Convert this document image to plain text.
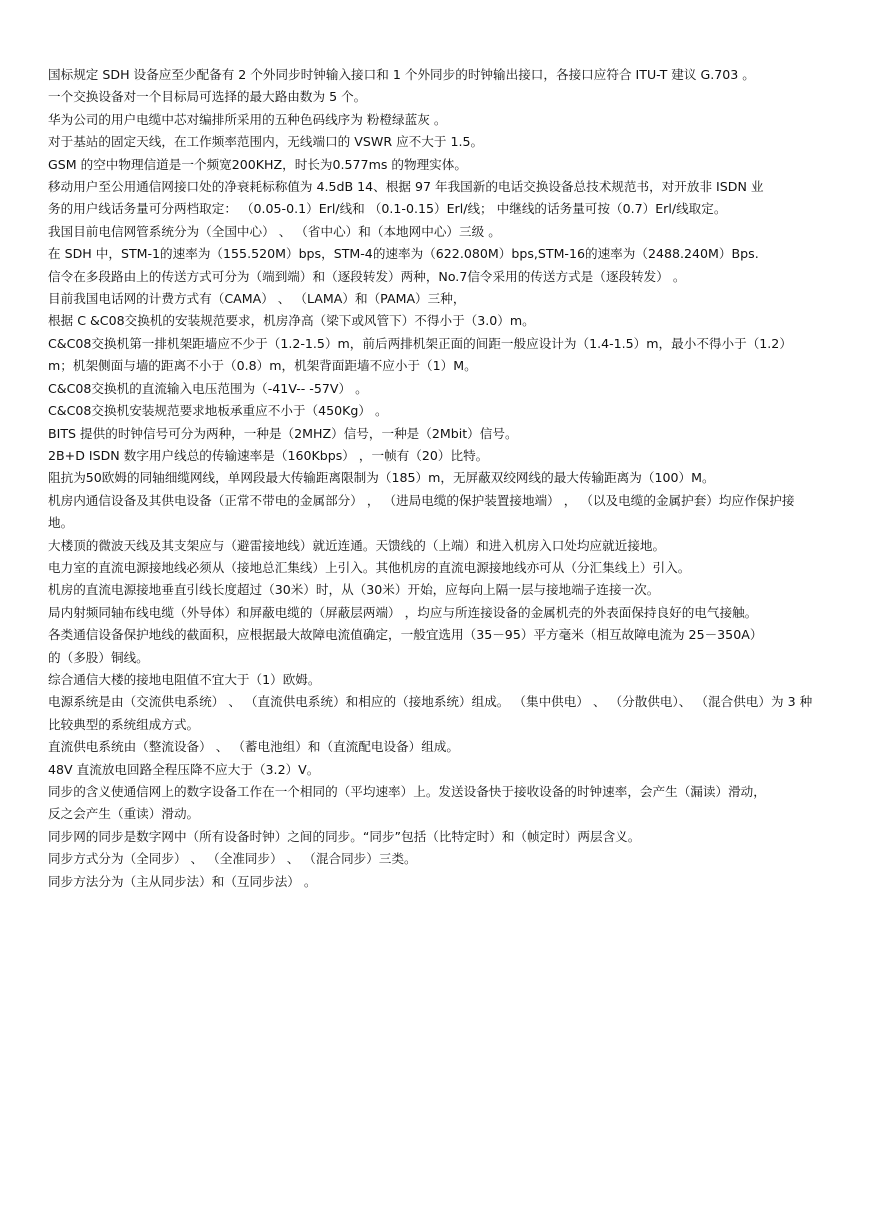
国标规定 SDH 设备应至少配备有 2 个外同步时钟输入接口和 1 个外同步的时钟输出接口，各接口应符合 ITU-T 建议 G.703 。

一个交换设备对一个目标局可选择的最大路由数为 5 个。

华为公司的用户电缆中芯对编排所采用的五种色码线序为 粉橙绿蓝灰 。

对于基站的固定天线，在工作频率范围内，无线端口的 VSWR 应不大于 1.5。

GSM 的空中物理信道是一个频宽200KHZ，时长为0.577ms 的物理实体。

移动用户至公用通信网接口处的净衰耗标称值为 4.5dB 14、根据 97 年我国新的电话交换设备总技术规范书，对开放非 ISDN 业

务的用户线话务量可分两档取定： （0.05-0.1）Erl/线和 （0.1-0.15）Erl/线； 中继线的话务量可按（0.7）Erl/线取定。

我国目前电信网管系统分为（全国中心） 、 （省中心）和（本地网中心）三级 。

在 SDH 中，STM-1的速率为（155.520M）bps，STM-4的速率为（622.080M）bps,STM-16的速率为（2488.240M）Bps.

信令在多段路由上的传送方式可分为（端到端）和（逐段转发）两种，No.7信令采用的传送方式是（逐段转发） 。

目前我国电话网的计费方式有（CAMA） 、 （LAMA）和（PAMA）三种，

根据 C &C08交换机的安装规范要求，机房净高（梁下或风管下）不得小于（3.0）m。

C&C08交换机第一排机架距墙应不少于（1.2-1.5）m，前后两排机架正面的间距一般应设计为（1.4-1.5）m，最小不得小于（1.2）

m；机架侧面与墙的距离不小于（0.8）m，机架背面距墙不应小于（1）M。

C&C08交换机的直流输入电压范围为（-41V-- -57V） 。

C&C08交换机安装规范要求地板承重应不小于（450Kg） 。

BITS 提供的时钟信号可分为两种，一种是（2MHZ）信号，一种是（2Mbit）信号。

2B+D ISDN 数字用户线总的传输速率是（160Kbps） ，一帧有（20）比特。

阻抗为50欧姆的同轴细缆网线，单网段最大传输距离限制为（185）m，无屏蔽双绞网线的最大传输距离为（100）M。

机房内通信设备及其供电设备（正常不带电的金属部分） ， （进局电缆的保护装置接地端） ， （以及电缆的金属护套）均应作保护接

地。

大楼顶的微波天线及其支架应与（避雷接地线）就近连通。天馈线的（上端）和进入机房入口处均应就近接地。

电力室的直流电源接地线必须从（接地总汇集线）上引入。其他机房的直流电源接地线亦可从（分汇集线上）引入。

机房的直流电源接地垂直引线长度超过（30米）时，从（30米）开始，应每向上隔一层与接地端子连接一次。

局内射频同轴布线电缆（外导体）和屏蔽电缆的（屏蔽层两端） ，均应与所连接设备的金属机壳的外表面保持良好的电气接触。

各类通信设备保护地线的截面积，应根据最大故障电流值确定，一般宜选用（35－95）平方毫米（相互故障电流为 25－350A）

的（多股）铜线。

综合通信大楼的接地电阻值不宜大于（1）欧姆。

电源系统是由（交流供电系统） 、 （直流供电系统）和相应的（接地系统）组成。 （集中供电） 、 （分散供电）、 （混合供电）为 3 种

比较典型的系统组成方式。

直流供电系统由（整流设备） 、 （蓄电池组）和（直流配电设备）组成。

48V 直流放电回路全程压降不应大于（3.2）V。

同步的含义使通信网上的数字设备工作在一个相同的（平均速率）上。发送设备快于接收设备的时钟速率，会产生（漏读）滑动，

反之会产生（重读）滑动。

同步网的同步是数字网中（所有设备时钟）之间的同步。“同步”包括（比特定时）和（帧定时）两层含义。

同步方式分为（全同步） 、 （全准同步） 、 （混合同步）三类。

同步方法分为（主从同步法）和（互同步法） 。
